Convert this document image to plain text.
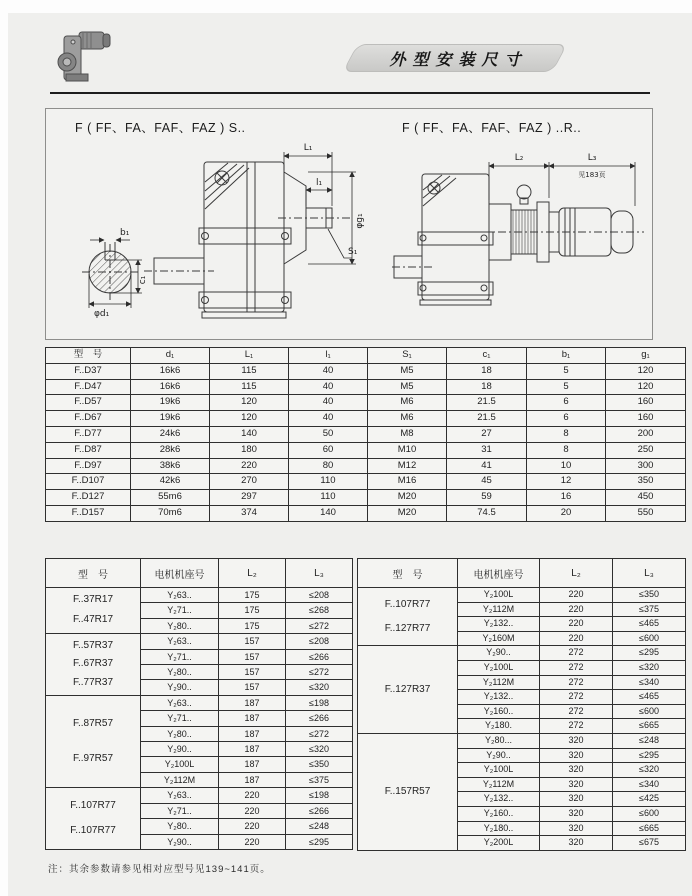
外型安装尺寸
F ( FF、FA、FAF、FAZ ) S..	F ( FF、FA、FAF、FAZ ) ..R..
L₁
l₁
φg₁
S₁
b₁
c₁
φd₁
L₂	L₃
见183页
型　号	d₁	L₁	l₁	S₁	c₁	b₁	g₁
F..D37	16k6	115	40	M5	18	5	120
F..D47	16k6	115	40	M5	18	5	120
F..D57	19k6	120	40	M6	21.5	6	160
F..D67	19k6	120	40	M6	21.5	6	160
F..D77	24k6	140	50	M8	27	8	200
F..D87	28k6	180	60	M10	31	8	250
F..D97	38k6	220	80	M12	41	10	300
F..D107	42k6	270	110	M16	45	12	350
F..D127	55m6	297	110	M20	59	16	450
F..D157	70m6	374	140	M20	74.5	20	550
型　号	电机机座号	L₂	L₃

F..37R17
F..47R17	Y₂63..	175	≤208
	Y₂71..	175	≤268
	Y₂80..	175	≤272

F..57R37
F..67R37
F..77R37	Y₂63..	157	≤208
	Y₂71..	157	≤266
	Y₂80..	157	≤272
	Y₂90..	157	≤320

F..87R57
F..97R57	Y₂63..	187	≤198
	Y₂71..	187	≤266
	Y₂80..	187	≤272
	Y₂90..	187	≤320
	Y₂100L	187	≤350
	Y₂112M	187	≤375

F..107R77
F..107R77	Y₂63..	220	≤198
	Y₂71..	220	≤266
	Y₂80..	220	≤248
	Y₂90..	220	≤295
型　号	电机机座号	L₂	L₃

F..107R77
F..127R77	Y₂100L	220	≤350
	Y₂112M	220	≤375
	Y₂132..	220	≤465
	Y₂160M	220	≤600

F..127R37	Y₂90..	272	≤295
	Y₂100L	272	≤320
	Y₂112M	272	≤340
	Y₂132..	272	≤465
	Y₂160..	272	≤600
	Y₂180.	272	≤665

F..157R57	Y₂80...	320	≤248
	Y₂90..	320	≤295
	Y₂100L	320	≤320
	Y₂112M	320	≤340
	Y₂132..	320	≤425
	Y₂160..	320	≤600
	Y₂180..	320	≤665
	Y₂200L	320	≤675
注：其余参数请参见相对应型号见139~141页。
